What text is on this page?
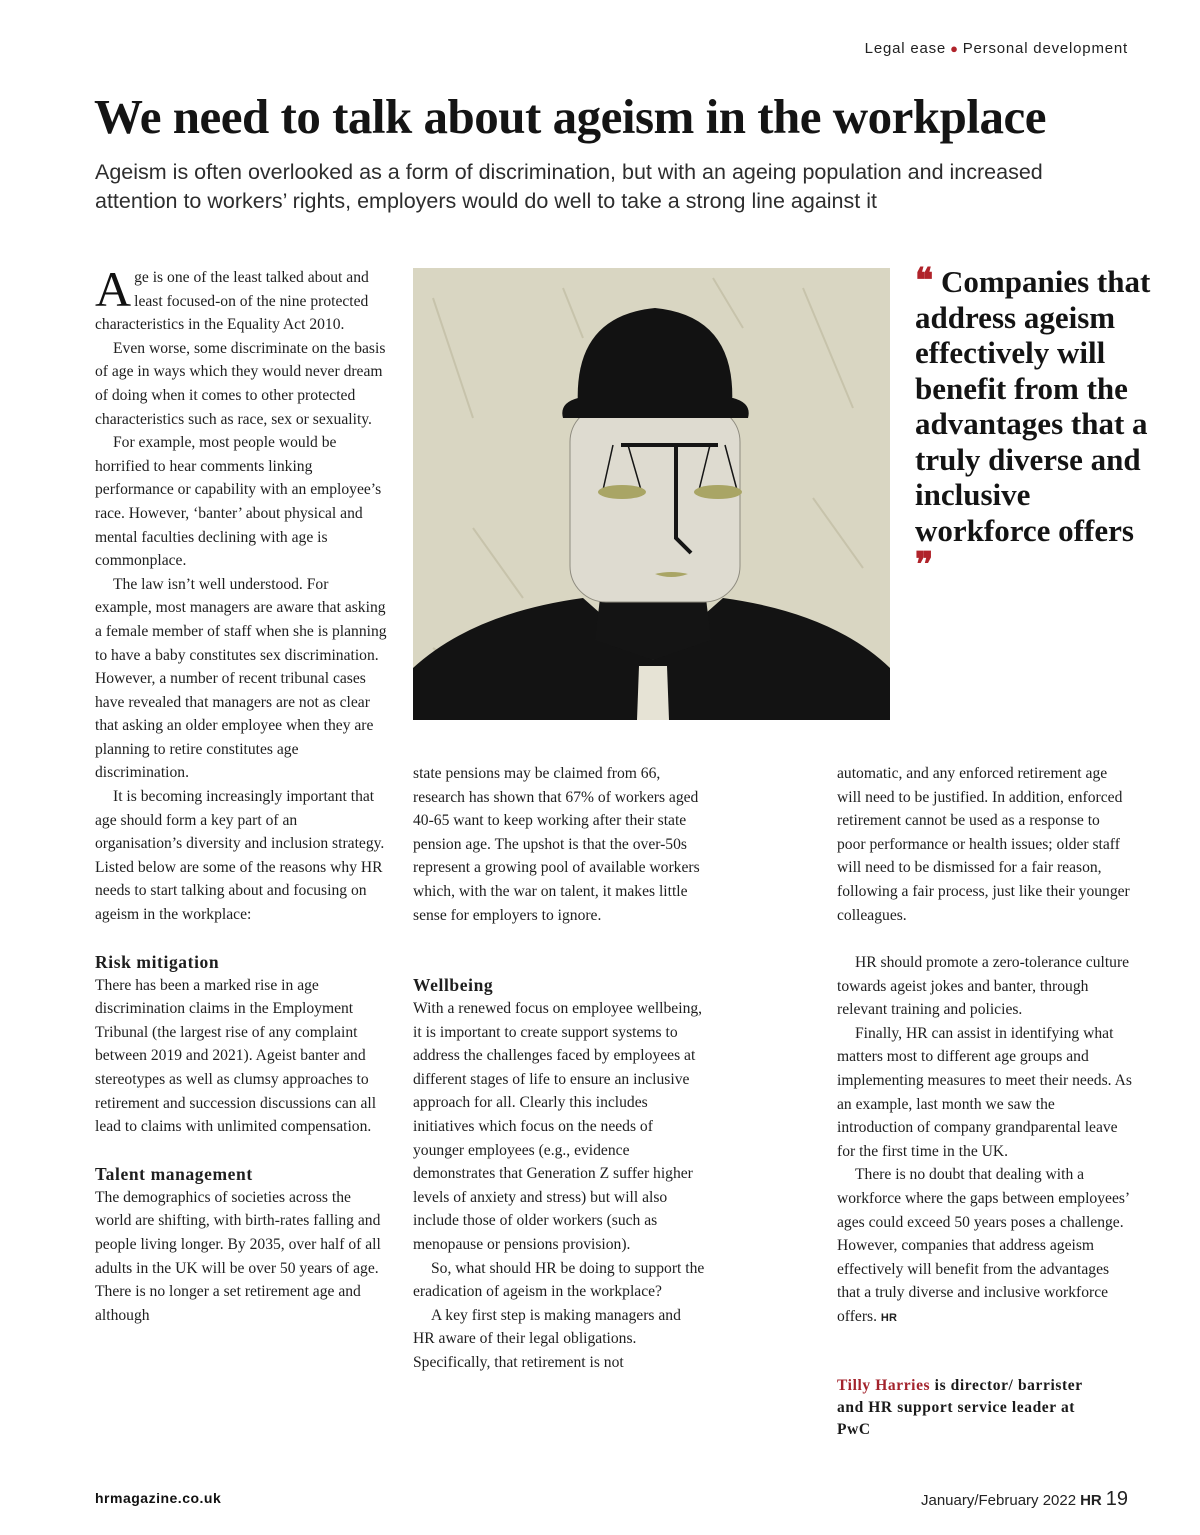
Legal ease ● Personal development
We need to talk about ageism in the workplace
Ageism is often overlooked as a form of discrimination, but with an ageing population and increased attention to workers’ rights, employers would do well to take a strong line against it

Age is one of the least talked about and least focused-on of the nine protected characteristics in the Equality Act 2010.

Even worse, some discriminate on the basis of age in ways which they would never dream of doing when it comes to other protected characteristics such as race, sex or sexuality.

For example, most people would be horrified to hear comments linking performance or capability with an employee’s race. However, ‘banter’ about physical and mental faculties declining with age is commonplace.

The law isn’t well understood. For example, most managers are aware that asking a female member of staff when she is planning to have a baby constitutes sex discrimination. However, a number of recent tribunal cases have revealed that managers are not as clear that asking an older employee when they are planning to retire constitutes age discrimination.

It is becoming increasingly important that age should form a key part of an organisation’s diversity and inclusion strategy. Listed below are some of the reasons why HR needs to start talking about and focusing on ageism in the workplace:

Risk mitigation

There has been a marked rise in age discrimination claims in the Employment Tribunal (the largest rise of any complaint between 2019 and 2021). Ageist banter and stereotypes as well as clumsy approaches to retirement and succession discussions can all lead to claims with unlimited compensation.

Talent management

The demographics of societies across the world are shifting, with birth-rates falling and people living longer. By 2035, over half of all adults in the UK will be over 50 years of age. There is no longer a set retirement age and although

❝ Companies that address ageism effectively will benefit from the advantages that a truly diverse and inclusive workforce offers ❞
Wellbeing

With a renewed focus on employee wellbeing, it is important to create support systems to address the challenges faced by employees at different stages of life to ensure an inclusive approach for all. Clearly this includes initiatives which focus on the needs of younger employees (e.g., evidence demonstrates that Generation Z suffer higher levels of anxiety and stress) but will also include those of older workers (such as menopause or pensions provision).

So, what should HR be doing to support the eradication of ageism in the workplace?

A key first step is making managers and HR aware of their legal obligations. Specifically, that retirement is not

state pensions may be claimed from 66, research has shown that 67% of workers aged 40-65 want to keep working after their state pension age. The upshot is that the over-50s represent a growing pool of available workers which, with the war on talent, it makes little sense for employers to ignore.

HR should promote a zero-tolerance culture towards ageist jokes and banter, through relevant training and policies.

Finally, HR can assist in identifying what matters most to different age groups and implementing measures to meet their needs. As an example, last month we saw the introduction of company grandparental leave for the first time in the UK.

There is no doubt that dealing with a workforce where the gaps between employees’ ages could exceed 50 years poses a challenge. However, companies that address ageism effectively will benefit from the advantages that a truly diverse and inclusive workforce offers. HR

automatic, and any enforced retirement age will need to be justified. In addition, enforced retirement cannot be used as a response to poor performance or health issues; older staff will need to be dismissed for a fair reason, following a fair process, just like their younger colleagues.

Tilly Harries is director/ barrister and HR support service leader at PwC

hrmagazine.co.uk	January/February 2022 HR 19
